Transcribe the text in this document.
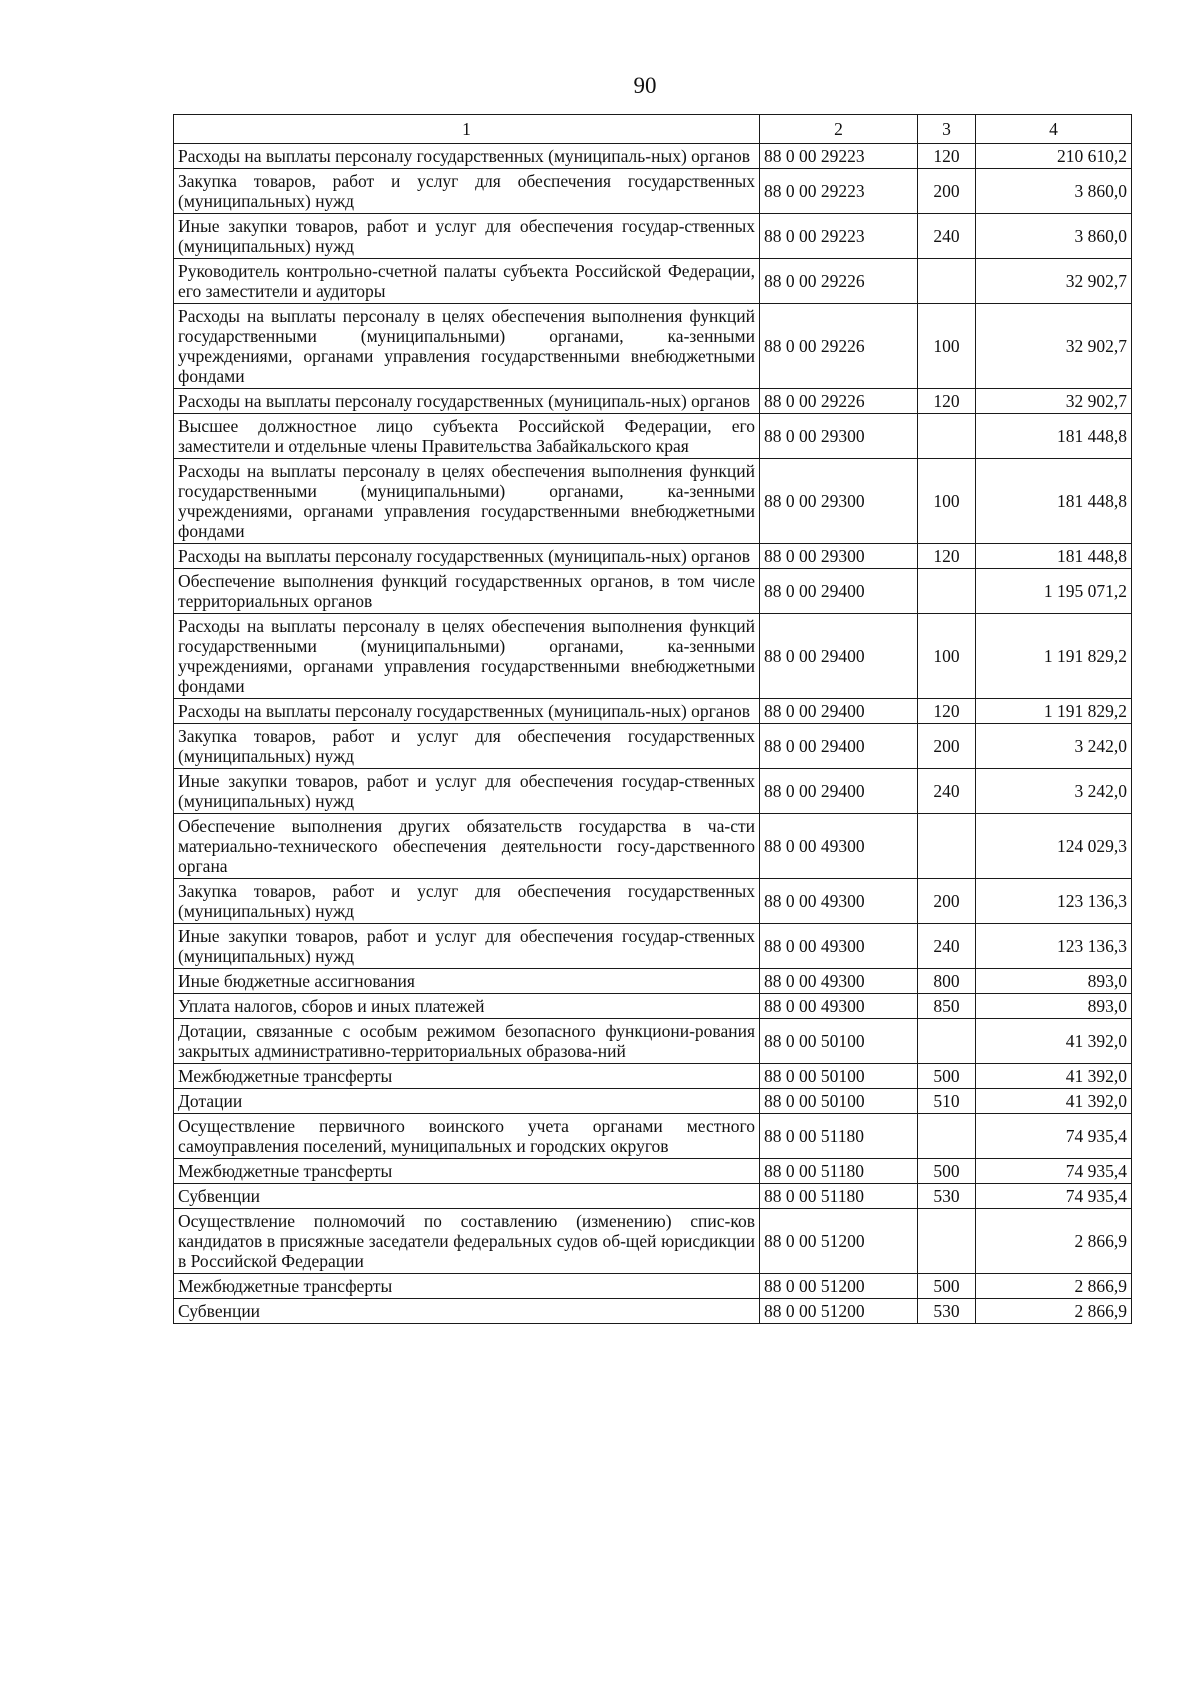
90
1	2	3	4
Расходы на выплаты персоналу государственных (муниципаль-ных) органов	88 0 00 29223	120	210 610,2
Закупка товаров, работ и услуг для обеспечения государственных (муниципальных) нужд	88 0 00 29223	200	3 860,0
Иные закупки товаров, работ и услуг для обеспечения государ-ственных (муниципальных) нужд	88 0 00 29223	240	3 860,0
Руководитель контрольно-счетной палаты субъекта Российской Федерации, его заместители и аудиторы	88 0 00 29226		32 902,7
Расходы на выплаты персоналу в целях обеспечения выполнения функций государственными (муниципальными) органами, ка-зенными учреждениями, органами управления государственными внебюджетными фондами	88 0 00 29226	100	32 902,7
Расходы на выплаты персоналу государственных (муниципаль-ных) органов	88 0 00 29226	120	32 902,7
Высшее должностное лицо субъекта Российской Федерации, его заместители и отдельные члены Правительства Забайкальского края	88 0 00 29300		181 448,8
Расходы на выплаты персоналу в целях обеспечения выполнения функций государственными (муниципальными) органами, ка-зенными учреждениями, органами управления государственными внебюджетными фондами	88 0 00 29300	100	181 448,8
Расходы на выплаты персоналу государственных (муниципаль-ных) органов	88 0 00 29300	120	181 448,8
Обеспечение выполнения функций государственных органов, в том числе территориальных органов	88 0 00 29400		1 195 071,2
Расходы на выплаты персоналу в целях обеспечения выполнения функций государственными (муниципальными) органами, ка-зенными учреждениями, органами управления государственными внебюджетными фондами	88 0 00 29400	100	1 191 829,2
Расходы на выплаты персоналу государственных (муниципаль-ных) органов	88 0 00 29400	120	1 191 829,2
Закупка товаров, работ и услуг для обеспечения государственных (муниципальных) нужд	88 0 00 29400	200	3 242,0
Иные закупки товаров, работ и услуг для обеспечения государ-ственных (муниципальных) нужд	88 0 00 29400	240	3 242,0
Обеспечение выполнения других обязательств государства в ча-сти материально-технического обеспечения деятельности госу-дарственного органа	88 0 00 49300		124 029,3
Закупка товаров, работ и услуг для обеспечения государственных (муниципальных) нужд	88 0 00 49300	200	123 136,3
Иные закупки товаров, работ и услуг для обеспечения государ-ственных (муниципальных) нужд	88 0 00 49300	240	123 136,3
Иные бюджетные ассигнования	88 0 00 49300	800	893,0
Уплата налогов, сборов и иных платежей	88 0 00 49300	850	893,0
Дотации, связанные с особым режимом безопасного функциони-рования закрытых административно-территориальных образова-ний	88 0 00 50100		41 392,0
Межбюджетные трансферты	88 0 00 50100	500	41 392,0
Дотации	88 0 00 50100	510	41 392,0
Осуществление первичного воинского учета органами местного самоуправления поселений, муниципальных и городских округов	88 0 00 51180		74 935,4
Межбюджетные трансферты	88 0 00 51180	500	74 935,4
Субвенции	88 0 00 51180	530	74 935,4
Осуществление полномочий по составлению (изменению) спис-ков кандидатов в присяжные заседатели федеральных судов об-щей юрисдикции в Российской Федерации	88 0 00 51200		2 866,9
Межбюджетные трансферты	88 0 00 51200	500	2 866,9
Субвенции	88 0 00 51200	530	2 866,9
